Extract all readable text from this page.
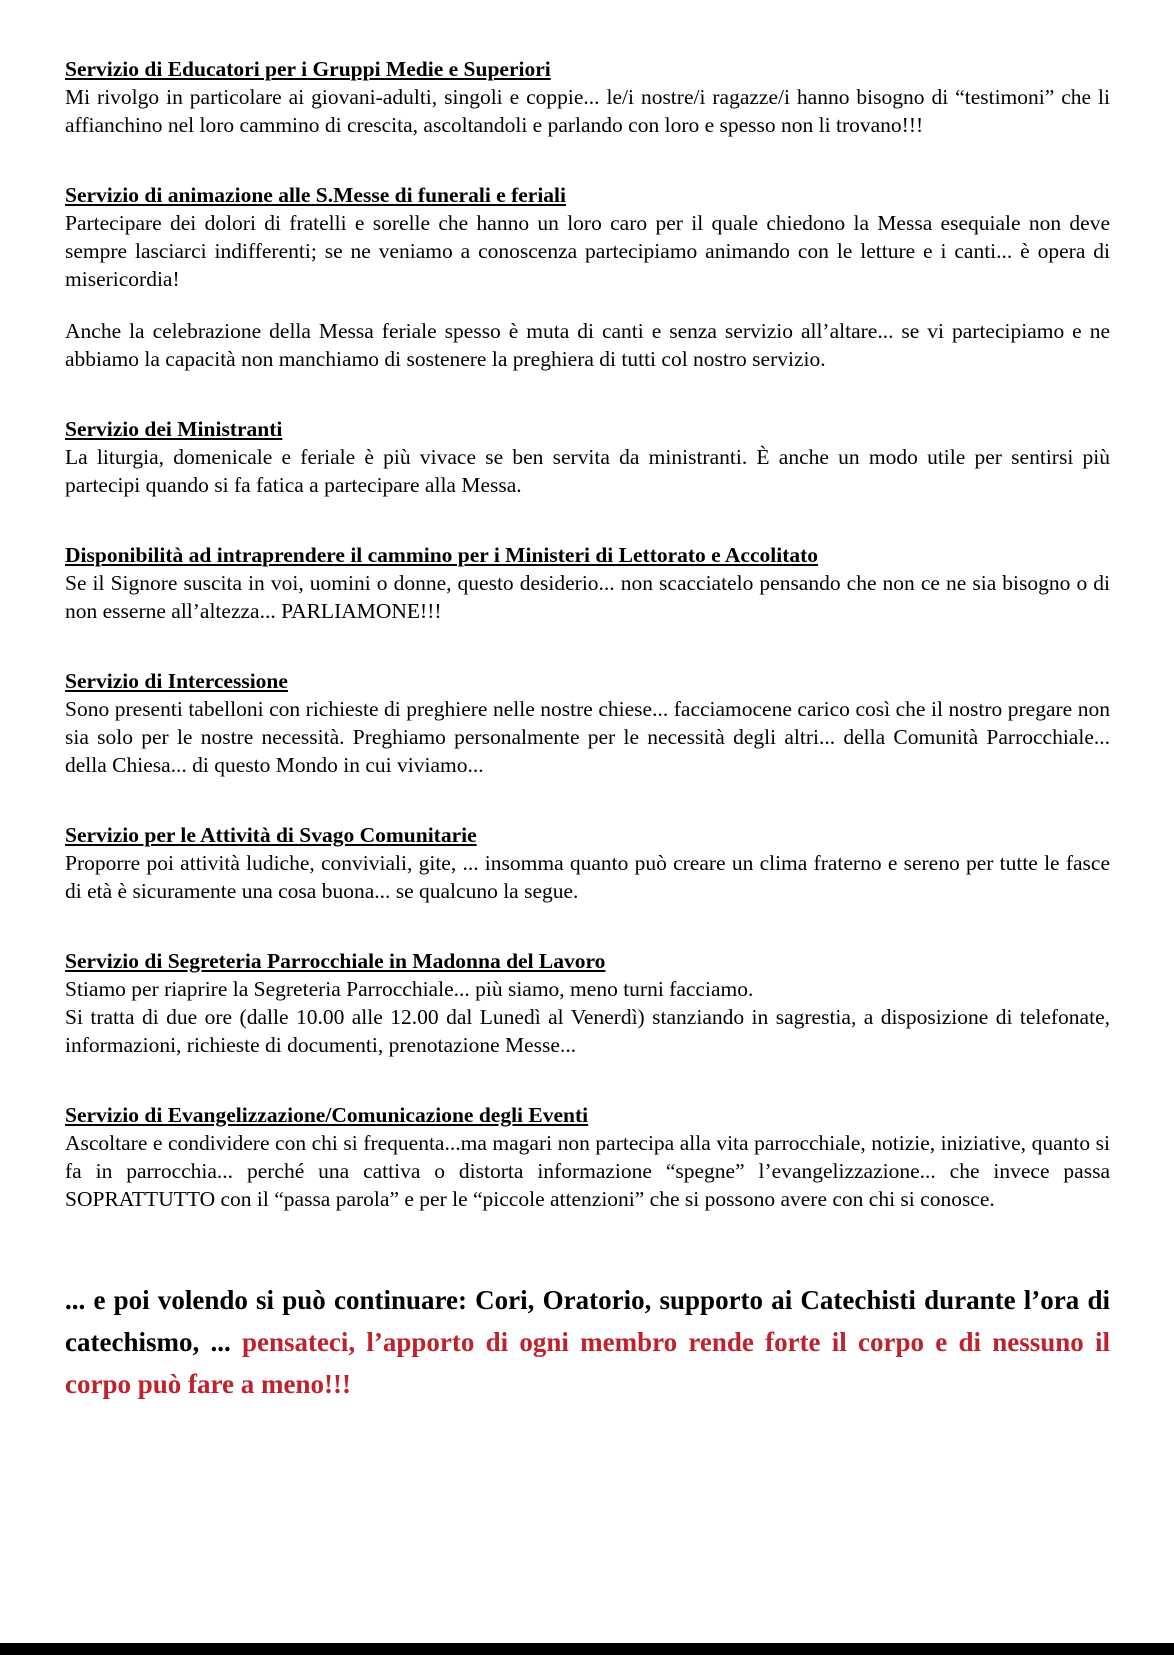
Servizio di Educatori per i Gruppi Medie e Superiori

Mi rivolgo in particolare ai giovani-adulti, singoli e coppie... le/i nostre/i ragazze/i hanno bisogno di “testimoni” che li affianchino nel loro cammino di crescita, ascoltandoli e parlando con loro e spesso non li trovano!!!

Servizio di animazione alle S.Messe di funerali e feriali

Partecipare dei dolori di fratelli e sorelle che hanno un loro caro per il quale chiedono la Messa esequiale non deve sempre lasciarci indifferenti; se ne veniamo a conoscenza partecipiamo animando con le letture e i canti... è opera di misericordia!

Anche la celebrazione della Messa feriale spesso è muta di canti e senza servizio all’altare... se vi partecipiamo e ne abbiamo la capacità non manchiamo di sostenere la preghiera di tutti col nostro servizio.

Servizio dei Ministranti

La liturgia, domenicale e feriale è più vivace se ben servita da ministranti. È anche un modo utile per sentirsi più partecipi quando si fa fatica a partecipare alla Messa.

Disponibilità ad intraprendere il cammino per i Ministeri di Lettorato e Accolitato

Se il Signore suscita in voi, uomini o donne, questo desiderio... non scacciatelo pensando che non ce ne sia bisogno o di non esserne all’altezza... PARLIAMONE!!!

Servizio di Intercessione

Sono presenti tabelloni con richieste di preghiere nelle nostre chiese... facciamocene carico così che il nostro pregare non sia solo per le nostre necessità. Preghiamo personalmente per le necessità degli altri... della Comunità Parrocchiale... della Chiesa... di questo Mondo in cui viviamo...

Servizio per le Attività di Svago Comunitarie

Proporre poi attività ludiche, conviviali, gite, ... insomma quanto può creare un clima fraterno e sereno per tutte le fasce di età è sicuramente una cosa buona... se qualcuno la segue.

Servizio di Segreteria Parrocchiale in Madonna del Lavoro

Stiamo per riaprire la Segreteria Parrocchiale... più siamo, meno turni facciamo.

Si tratta di due ore (dalle 10.00 alle 12.00 dal Lunedì al Venerdì) stanziando in sagrestia, a disposizione di telefonate, informazioni, richieste di documenti, prenotazione Messe...

Servizio di Evangelizzazione/Comunicazione degli Eventi

Ascoltare e condividere con chi si frequenta...ma magari non partecipa alla vita parrocchiale, notizie, iniziative, quanto si fa in parrocchia... perché una cattiva o distorta informazione “spegne” l’evangelizzazione... che invece passa SOPRATTUTTO con il “passa parola” e per le “piccole attenzioni” che si possono avere con chi si conosce.

... e poi volendo si può continuare: Cori, Oratorio, supporto ai Catechisti durante l’ora di catechismo, ... pensateci, l’apporto di ogni membro rende forte il corpo e di nessuno il corpo può fare a meno!!!
